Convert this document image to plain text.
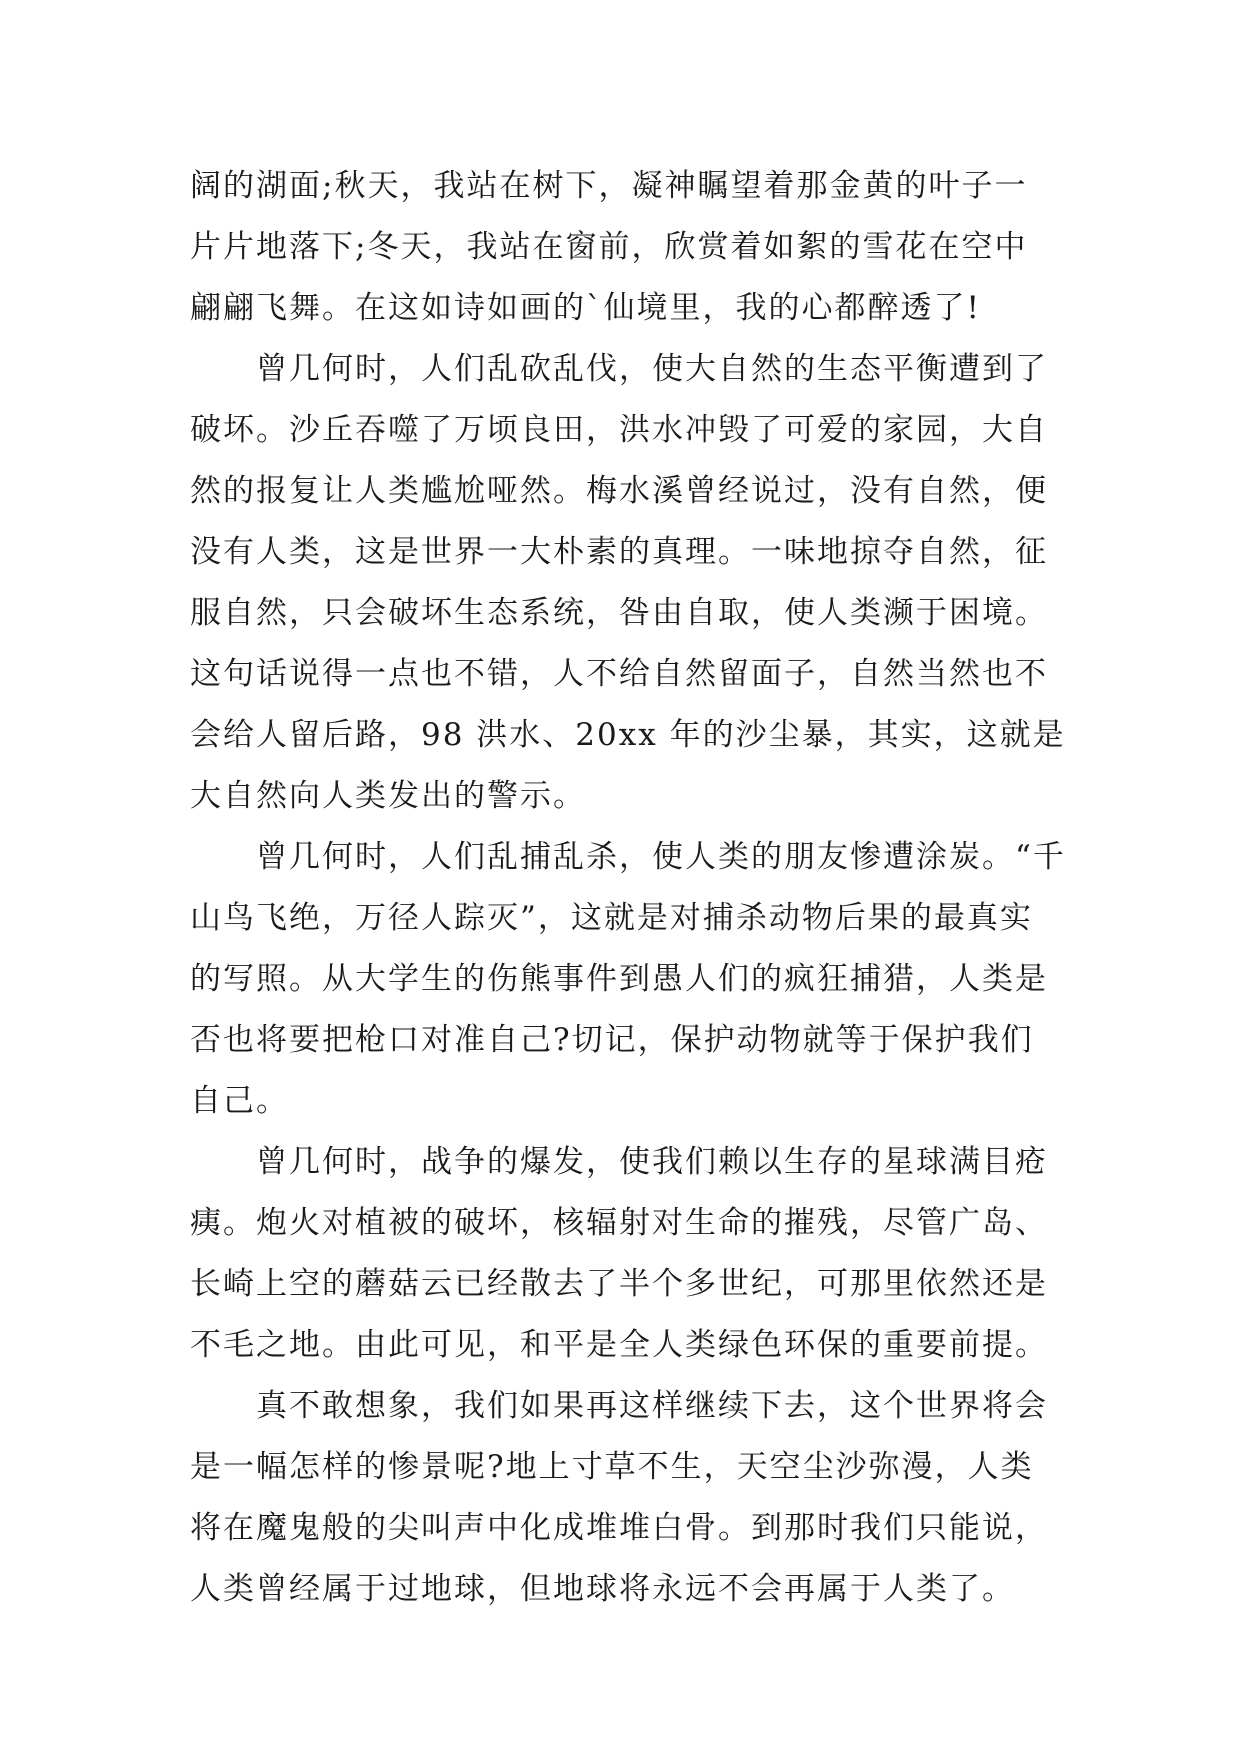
阔的湖面;秋天，我站在树下，凝神瞩望着那金黄的叶子一
片片地落下;冬天，我站在窗前，欣赏着如絮的雪花在空中
翩翩飞舞。在这如诗如画的`仙境里，我的心都醉透了!
曾几何时，人们乱砍乱伐，使大自然的生态平衡遭到了
破坏。沙丘吞噬了万顷良田，洪水冲毁了可爱的家园，大自
然的报复让人类尴尬哑然。梅水溪曾经说过，没有自然，便
没有人类，这是世界一大朴素的真理。一味地掠夺自然，征
服自然，只会破坏生态系统，咎由自取，使人类濒于困境。
这句话说得一点也不错，人不给自然留面子，自然当然也不
会给人留后路，98 洪水、20xx 年的沙尘暴，其实，这就是
大自然向人类发出的警示。
曾几何时，人们乱捕乱杀，使人类的朋友惨遭涂炭。“千
山鸟飞绝，万径人踪灭”，这就是对捕杀动物后果的最真实
的写照。从大学生的伤熊事件到愚人们的疯狂捕猎，人类是
否也将要把枪口对准自己?切记，保护动物就等于保护我们
自己。
曾几何时，战争的爆发，使我们赖以生存的星球满目疮
痍。炮火对植被的破坏，核辐射对生命的摧残，尽管广岛、
长崎上空的蘑菇云已经散去了半个多世纪，可那里依然还是
不毛之地。由此可见，和平是全人类绿色环保的重要前提。
真不敢想象，我们如果再这样继续下去，这个世界将会
是一幅怎样的惨景呢?地上寸草不生，天空尘沙弥漫，人类
将在魔鬼般的尖叫声中化成堆堆白骨。到那时我们只能说，
人类曾经属于过地球，但地球将永远不会再属于人类了。
